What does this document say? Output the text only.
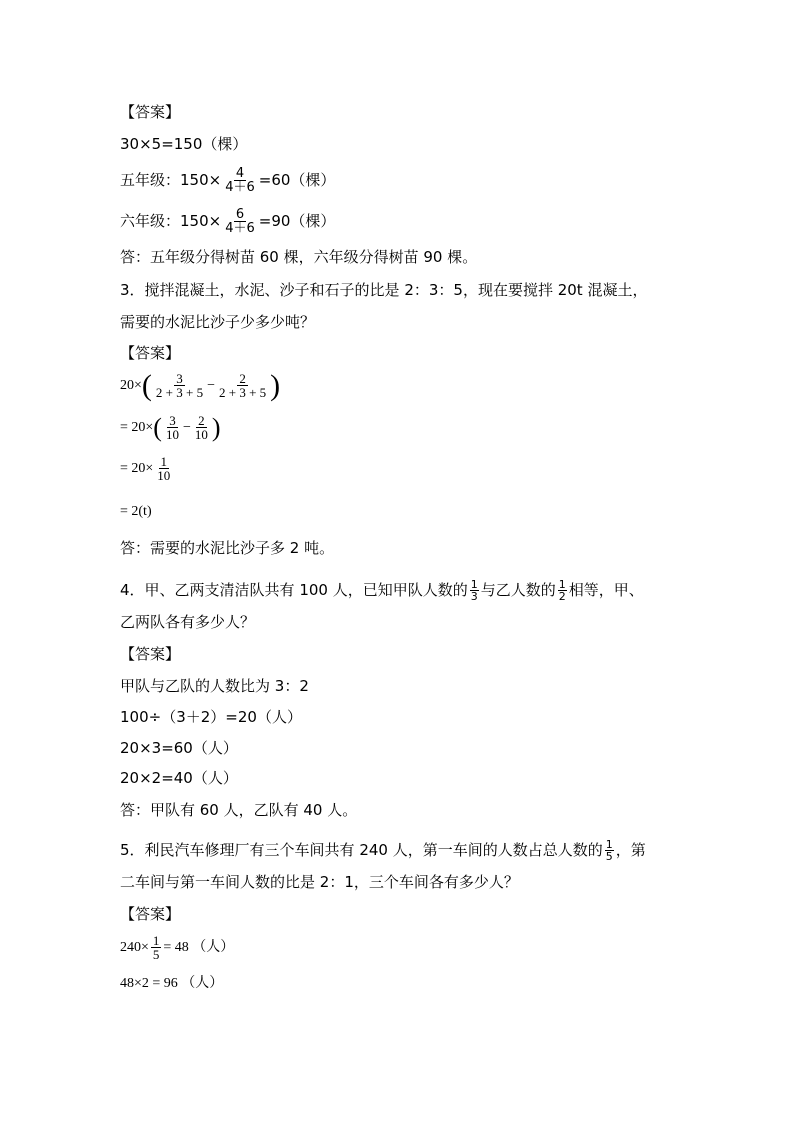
【答案】
30×5=150（棵）
五年级：$150\times \frac{4}{4+6} =60$（棵）
六年级：$150\times \frac{6}{4+6} =90$（棵）
答：五年级分得树苗 60 棵，六年级分得树苗 90 棵。
3．搅拌混凝土，水泥、沙子和石子的比是 2：3：5，现在要搅拌 20t 混凝土，
需要的水泥比沙子少多少吨？
【答案】
$20\times( \frac{3}{2 + 3 + 5} - \frac{2}{2 + 3 + 5}$ )
= $20\times( \frac{3}{10} - \frac{2}{10}$ )
= $20\times \frac{1}{10}$
= 2(t)
答：需要的水泥比沙子多 2 吨。
4．甲、乙两支清洁队共有 100 人，已知甲队人数的 $\frac{1}{3}$ 与乙人数的 $\frac{1}{2}$ 相等，甲、
乙两队各有多少人？
【答案】
甲队与乙队的人数比为 3：2
100÷（3＋2）=20（人）
20×3=60（人）
20×2=40（人）
答：甲队有 60 人，乙队有 40 人。
5．利民汽车修理厂有三个车间共有 240 人，第一车间的人数占总人数的 $\frac{1}{5}$ ，第
二车间与第一车间人数的比是 2：1，三个车间各有多少人？
【答案】
$240\times \frac{1}{5} = 48$ （人）
48×2 = 96 （人）
